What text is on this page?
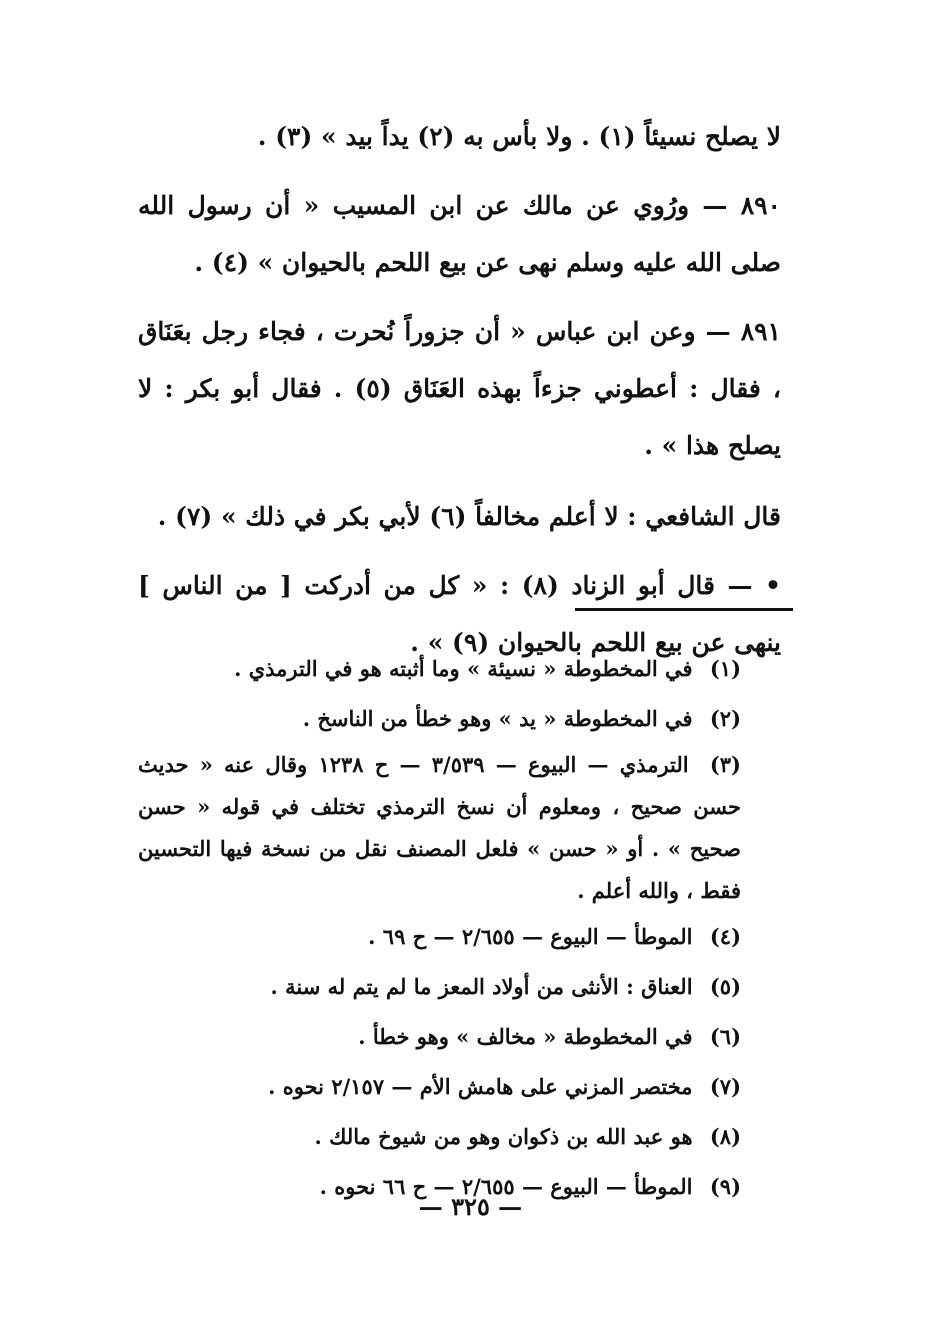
لا يصلح نسيئاً (١) . ولا بأس به (٢) يداً بيد » (٣) .

٨٩٠ — ورُوي عن مالك عن ابن المسيب « أن رسول الله صلى الله عليه وسلم نهى عن بيع اللحم بالحيوان » (٤) .

٨٩١ — وعن ابن عباس « أن جزوراً نُحرت ، فجاء رجل بعَنَاق ، فقال : أعطوني جزءاً بهذه العَنَاق (٥) . فقال أبو بكر : لا يصلح هذا » .

قال الشافعي : لا أعلم مخالفاً (٦) لأبي بكر في ذلك » (٧) .

• — قال أبو الزناد (٨) : « كل من أدركت [ من الناس ] ينهى عن بيع اللحم بالحيوان (٩) » .

(١) في المخطوطة « نسيئة » وما أثبته هو في الترمذي .

(٢) في المخطوطة « يد » وهو خطأ من الناسخ .

(٣) الترمذي — البيوع — ٣/٥٣٩ — ح ١٢٣٨ وقال عنه « حديث حسن صحيح ، ومعلوم أن نسخ الترمذي تختلف في قوله « حسن صحيح » . أو « حسن » فلعل المصنف نقل من نسخة فيها التحسين فقط ، والله أعلم .

(٤) الموطأ — البيوع — ٢/٦٥٥ — ح ٦٩ .

(٥) العناق : الأنثى من أولاد المعز ما لم يتم له سنة .

(٦) في المخطوطة « مخالف » وهو خطأ .

(٧) مختصر المزني على هامش الأم — ٢/١٥٧ نحوه .

(٨) هو عبد الله بن ذكوان وهو من شيوخ مالك .

(٩) الموطأ — البيوع — ٢/٦٥٥ — ح ٦٦ نحوه .

— ٣٢٥ —
